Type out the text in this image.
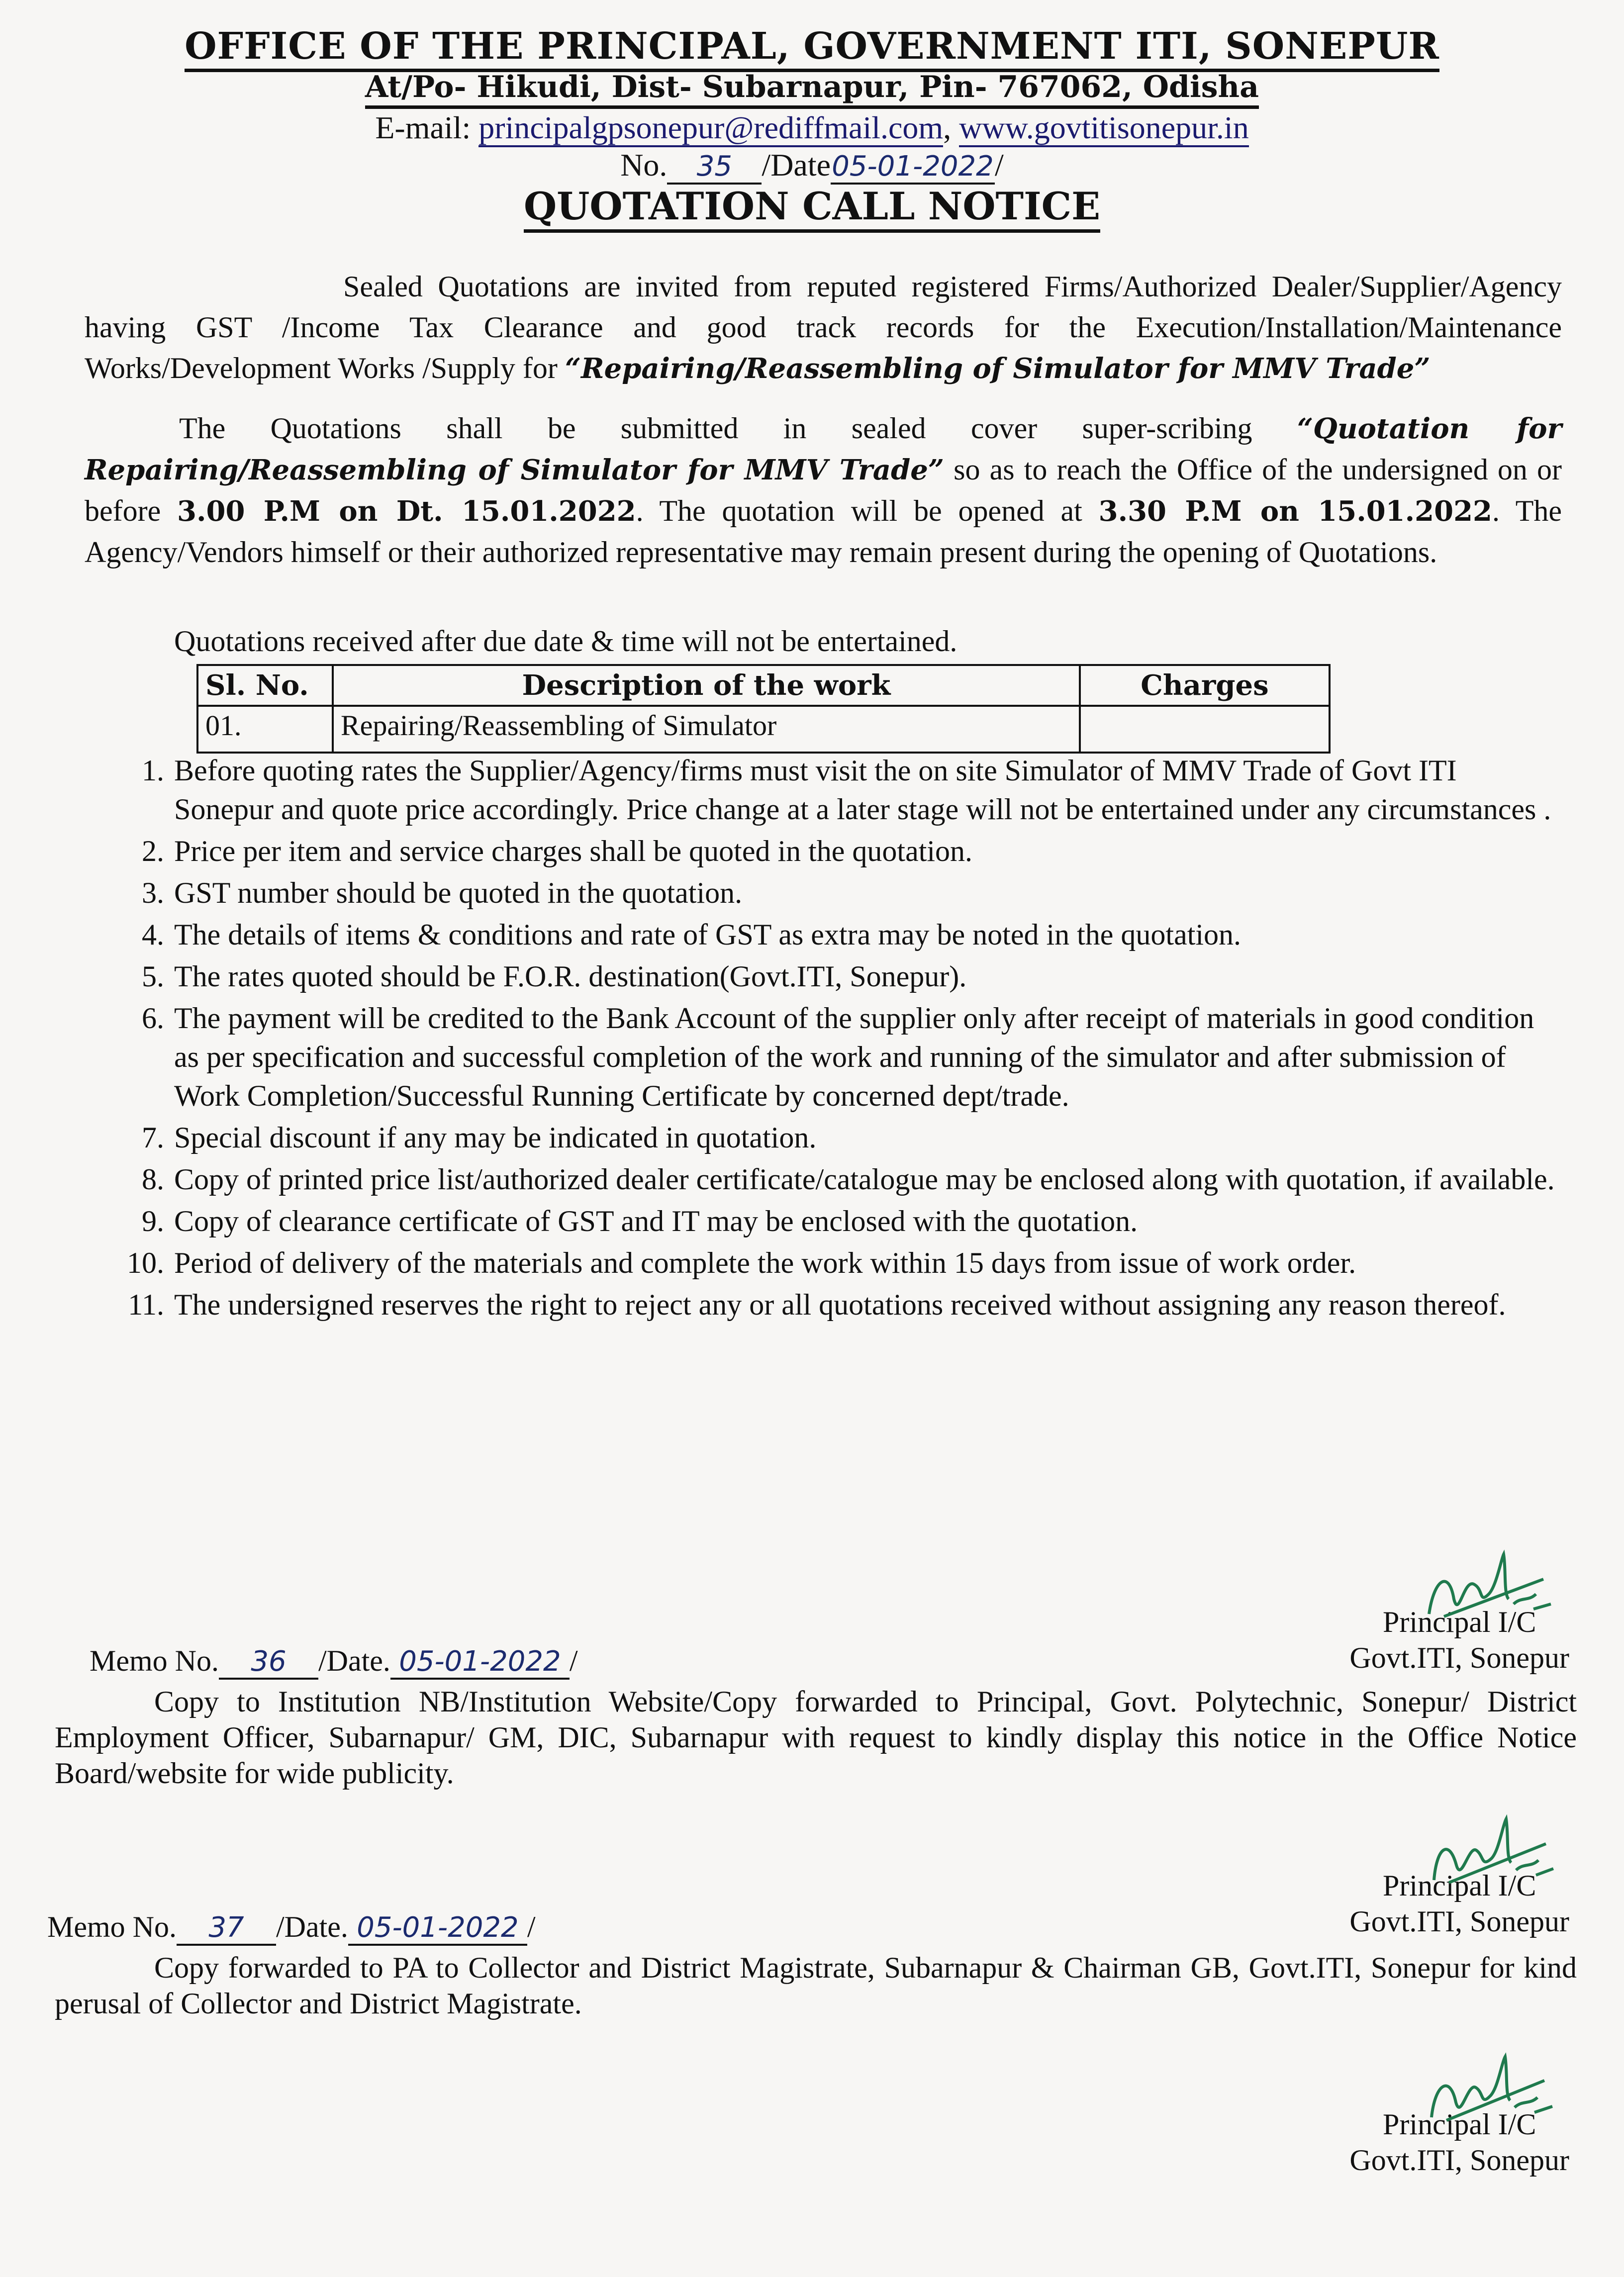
OFFICE OF THE PRINCIPAL, GOVERNMENT ITI, SONEPUR
At/Po- Hikudi, Dist- Subarnapur, Pin- 767062, Odisha
E-mail: principalgpsonepur@rediffmail.com, www.govtitisonepur.in
No. 35 /Date05-01-2022/
QUOTATION CALL NOTICE
Sealed Quotations are invited from reputed registered Firms/Authorized Dealer/Supplier/Agency having GST /Income Tax Clearance and good track records for the Execution/Installation/Maintenance Works/Development Works /Supply for “Repairing/Reassembling of Simulator for MMV Trade”
The Quotations shall be submitted in sealed cover super-scribing “Quotation for Repairing/Reassembling of Simulator for MMV Trade” so as to reach the Office of the undersigned on or before 3.00 P.M on Dt. 15.01.2022. The quotation will be opened at 3.30 P.M on 15.01.2022. The Agency/Vendors himself or their authorized representative may remain present during the opening of Quotations.
Quotations received after due date & time will not be entertained.
Sl. No.	Description of the work	Charges
01.	Repairing/Reassembling of Simulator	
1. Before quoting rates the Supplier/Agency/firms must visit the on site Simulator of MMV Trade of Govt ITI Sonepur and quote price accordingly. Price change at a later stage will not be entertained under any circumstances .
2. Price per item and service charges shall be quoted in the quotation.
3. GST number should be quoted in the quotation.
4. The details of items & conditions and rate of GST as extra may be noted in the quotation.
5. The rates quoted should be F.O.R. destination(Govt.ITI, Sonepur).
6. The payment will be credited to the Bank Account of the supplier only after receipt of materials in good condition as per specification and successful completion of the work and running of the simulator and after submission of Work Completion/Successful Running Certificate by concerned dept/trade.
7. Special discount if any may be indicated in quotation.
8. Copy of printed price list/authorized dealer certificate/catalogue may be enclosed along with quotation, if available.
9. Copy of clearance certificate of GST and IT may be enclosed with the quotation.
10. Period of delivery of the materials and complete the work within 15 days from issue of work order.
11. The undersigned reserves the right to reject any or all quotations received without assigning any reason thereof.
Principal I/C
Govt.ITI, Sonepur
Memo No. 36 /Date. 05-01-2022 /
Copy to Institution NB/Institution Website/Copy forwarded to Principal, Govt. Polytechnic, Sonepur/ District Employment Officer, Subarnapur/ GM, DIC, Subarnapur with request to kindly display this notice in the Office Notice Board/website for wide publicity.
Principal I/C
Govt.ITI, Sonepur
Memo No. 37 /Date. 05-01-2022 /
Copy forwarded to PA to Collector and District Magistrate, Subarnapur & Chairman GB, Govt.ITI, Sonepur for kind perusal of Collector and District Magistrate.
Principal I/C
Govt.ITI, Sonepur
